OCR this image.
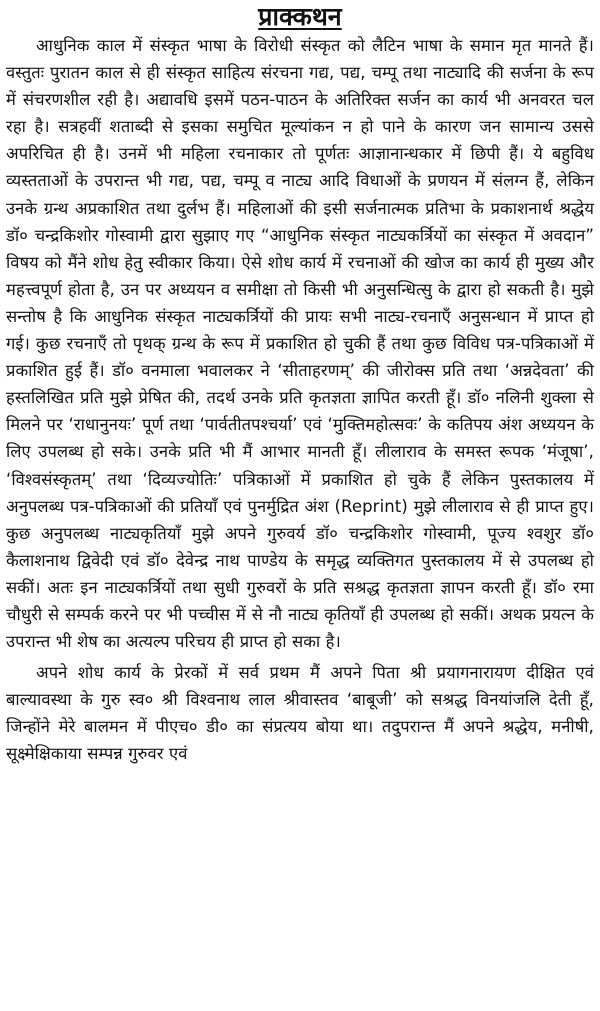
प्राक्कथन

आधुनिक काल में संस्कृत भाषा के विरोधी संस्कृत को लैटिन भाषा के समान मृत मानते हैं। वस्तुतः पुरातन काल से ही संस्कृत साहित्य संरचना गद्य, पद्य, चम्पू तथा नाट्यादि की सर्जना के रूप में संचरणशील रही है। अद्यावधि इसमें पठन-पाठन के अतिरिक्त सर्जन का कार्य भी अनवरत चल रहा है। सत्रहवीं शताब्दी से इसका समुचित मूल्यांकन न हो पाने के कारण जन सामान्य उससे अपरिचित ही है। उनमें भी महिला रचनाकार तो पूर्णतः आज्ञानान्धकार में छिपी हैं। ये बहुविध व्यस्तताओं के उपरान्त भी गद्य, पद्य, चम्पू व नाट्य आदि विधाओं के प्रणयन में संलग्न हैं, लेकिन उनके ग्रन्थ अप्रकाशित तथा दुर्लभ हैं। महिलाओं की इसी सर्जनात्मक प्रतिभा के प्रकाशनार्थ श्रद्धेय डॉ० चन्द्रकिशोर गोस्वामी द्वारा सुझाए गए “आधुनिक संस्कृत नाट्यकर्त्रियों का संस्कृत में अवदान” विषय को मैंने शोध हेतु स्वीकार किया। ऐसे शोध कार्य में रचनाओं की खोज का कार्य ही मुख्य और महत्त्वपूर्ण होता है, उन पर अध्ययन व समीक्षा तो किसी भी अनुसन्धित्सु के द्वारा हो सकती है। मुझे सन्तोष है कि आधुनिक संस्कृत नाट्यकर्त्रियों की प्रायः सभी नाट्य-रचनाएँ अनुसन्धान में प्राप्त हो गई। कुछ रचनाएँ तो पृथक् ग्रन्थ के रूप में प्रकाशित हो चुकी हैं तथा कुछ विविध पत्र-पत्रिकाओं में प्रकाशित हुई हैं। डॉ० वनमाला भवालकर ने ‘सीताहरणम्’ की जीरोक्स प्रति तथा ‘अन्नदेवता’ की हस्तलिखित प्रति मुझे प्रेषित की, तदर्थ उनके प्रति कृतज्ञता ज्ञापित करती हूँ। डॉ० नलिनी शुक्ला से मिलने पर ‘राधानुनयः’ पूर्ण तथा ‘पार्वतीतपश्चर्या’ एवं ‘मुक्तिमहोत्सवः’ के कतिपय अंश अध्ययन के लिए उपलब्ध हो सके। उनके प्रति भी मैं आभार मानती हूँ। लीलाराव के समस्त रूपक ‘मंजूषा’, ‘विश्वसंस्कृतम्’ तथा ‘दिव्यज्योतिः’ पत्रिकाओं में प्रकाशित हो चुके हैं लेकिन पुस्तकालय में अनुपलब्ध पत्र-पत्रिकाओं की प्रतियाँ एवं पुनर्मुद्रित अंश (Reprint) मुझे लीलाराव से ही प्राप्त हुए। कुछ अनुपलब्ध नाट्यकृतियाँ मुझे अपने गुरुवर्य डॉ० चन्द्रकिशोर गोस्वामी, पूज्य श्वशुर डॉ० कैलाशनाथ द्विवेदी एवं डॉ० देवेन्द्र नाथ पाण्डेय के समृद्ध व्यक्तिगत पुस्तकालय में से उपलब्ध हो सकीं। अतः इन नाट्यकर्त्रियों तथा सुधी गुरुवरों के प्रति सश्रद्ध कृतज्ञता ज्ञापन करती हूँ। डॉ० रमा चौधुरी से सम्पर्क करने पर भी पच्चीस में से नौ नाट्य कृतियाँ ही उपलब्ध हो सकीं। अथक प्रयत्न के उपरान्त भी शेष का अत्यल्प परिचय ही प्राप्त हो सका है।

अपने शोध कार्य के प्रेरकों में सर्व प्रथम मैं अपने पिता श्री प्रयागनारायण दीक्षित एवं बाल्यावस्था के गुरु स्व० श्री विश्वनाथ लाल श्रीवास्तव ‘बाबूजी’ को सश्रद्ध विनयांजलि देती हूँ, जिन्होंने मेरे बालमन में पीएच० डी० का संप्रत्यय बोया था। तदुपरान्त मैं अपने श्रद्धेय, मनीषी, सूक्ष्मेक्षिकाया सम्पन्न गुरुवर एवं
